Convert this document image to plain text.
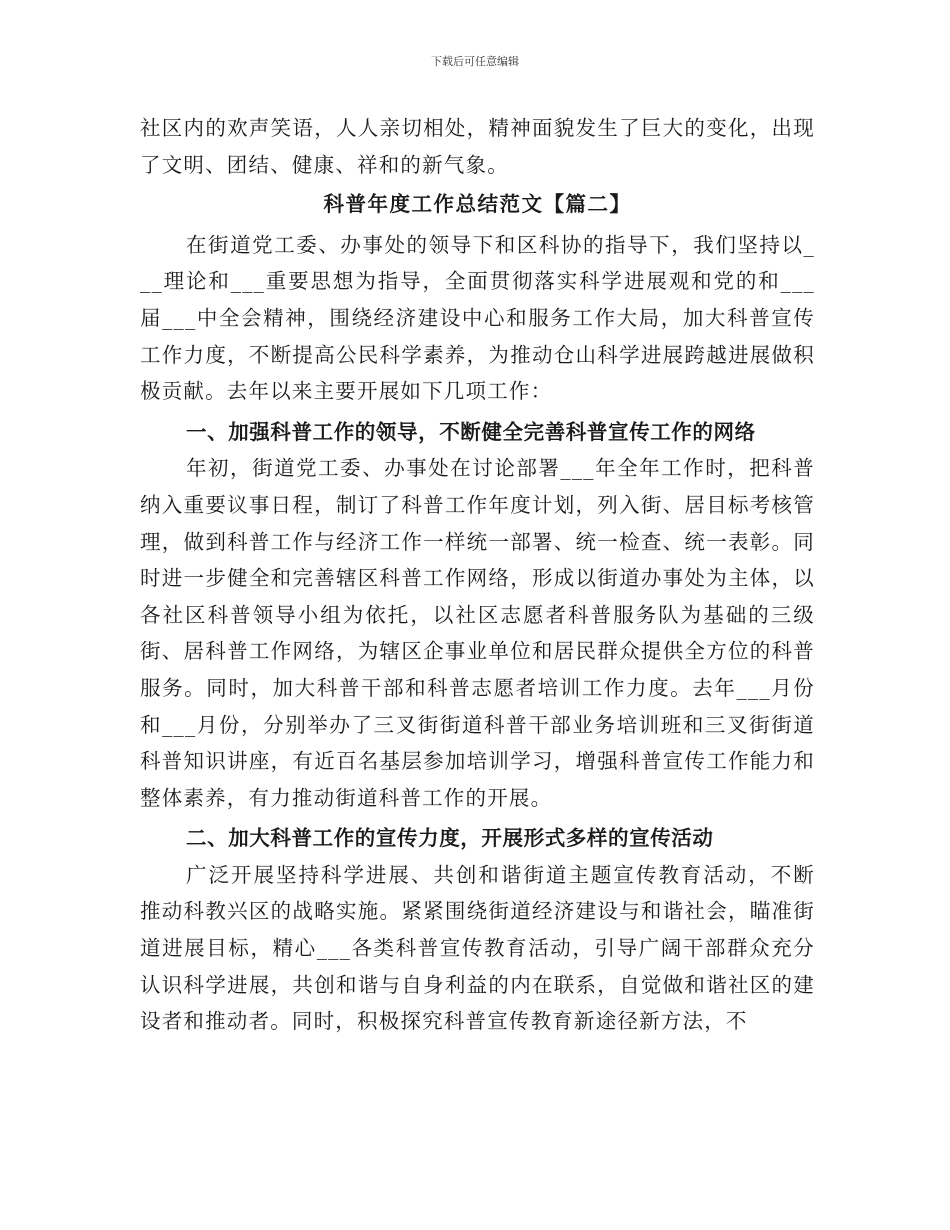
下载后可任意编辑

社区内的欢声笑语，人人亲切相处，精神面貌发生了巨大的变化，出现了文明、团结、健康、祥和的新气象。

科普年度工作总结范文【篇二】

在街道党工委、办事处的领导下和区科协的指导下，我们坚持以___理论和___重要思想为指导，全面贯彻落实科学进展观和党的和___届___中全会精神，围绕经济建设中心和服务工作大局，加大科普宣传工作力度，不断提高公民科学素养，为推动仓山科学进展跨越进展做积极贡献。去年以来主要开展如下几项工作：

一、加强科普工作的领导，不断健全完善科普宣传工作的网络

年初，街道党工委、办事处在讨论部署___年全年工作时，把科普纳入重要议事日程，制订了科普工作年度计划，列入街、居目标考核管理，做到科普工作与经济工作一样统一部署、统一检查、统一表彰。同时进一步健全和完善辖区科普工作网络，形成以街道办事处为主体，以各社区科普领导小组为依托，以社区志愿者科普服务队为基础的三级街、居科普工作网络，为辖区企事业单位和居民群众提供全方位的科普服务。同时，加大科普干部和科普志愿者培训工作力度。去年___月份和___月份，分别举办了三叉街街道科普干部业务培训班和三叉街街道科普知识讲座，有近百名基层参加培训学习，增强科普宣传工作能力和整体素养，有力推动街道科普工作的开展。

二、加大科普工作的宣传力度，开展形式多样的宣传活动

广泛开展坚持科学进展、共创和谐街道主题宣传教育活动，不断推动科教兴区的战略实施。紧紧围绕街道经济建设与和谐社会，瞄准街道进展目标，精心___各类科普宣传教育活动，引导广阔干部群众充分认识科学进展，共创和谐与自身利益的内在联系，自觉做和谐社区的建设者和推动者。同时，积极探究科普宣传教育新途径新方法，不
